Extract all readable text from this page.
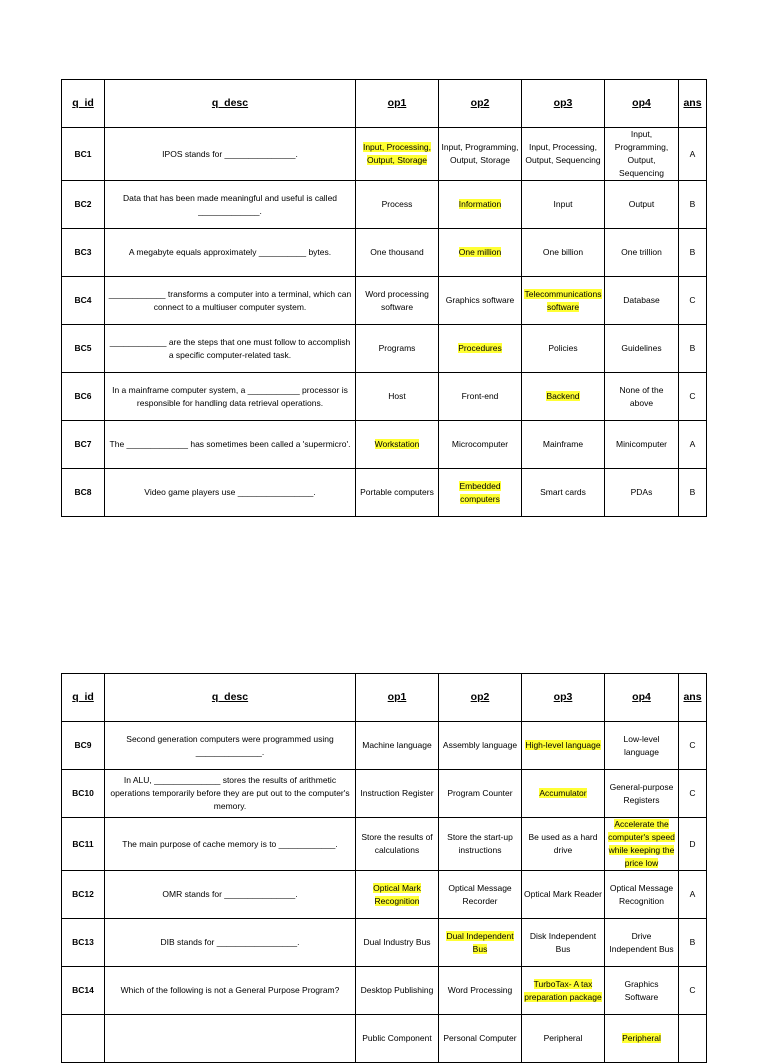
q_id	q_desc	op1	op2	op3	op4	ans
BC1	IPOS stands for _______________.	Input, Processing, Output, Storage	Input, Programming, Output, Storage	Input, Processing, Output, Sequencing	Input, Programming, Output, Sequencing	A
BC2	Data that has been made meaningful and useful is called _____________.	Process	Information	Input	Output	B
BC3	A megabyte equals approximately __________ bytes.	One thousand	One million	One billion	One trillion	B
BC4	____________ transforms a computer into a terminal, which can connect to a multiuser computer system.	Word processing software	Graphics software	Telecommunications software	Database	C
BC5	____________ are the steps that one must follow to accomplish a specific computer-related task.	Programs	Procedures	Policies	Guidelines	B
BC6	In a mainframe computer system, a ___________ processor is responsible for handling data retrieval operations.	Host	Front-end	Backend	None of the above	C
BC7	The _____________ has sometimes been called a 'supermicro'.	Workstation	Microcomputer	Mainframe	Minicomputer	A
BC8	Video game players use ________________.	Portable computers	Embedded computers	Smart cards	PDAs	B
q_id	q_desc	op1	op2	op3	op4	ans
BC9	Second generation computers were programmed using ______________.	Machine language	Assembly language	High-level language	Low-level language	C
BC10	In ALU, ______________ stores the results of arithmetic operations temporarily before they are put out to the computer's memory.	Instruction Register	Program Counter	Accumulator	General-purpose Registers	C
BC11	The main purpose of cache memory is to ____________.	Store the results of calculations	Store the start-up instructions	Be used as a hard drive	Accelerate the computer's speed while keeping the price low	D
BC12	OMR stands for _______________.	Optical Mark Recognition	Optical Message Recorder	Optical Mark Reader	Optical Message Recognition	A
BC13	DIB stands for _________________.	Dual Industry Bus	Dual Independent Bus	Disk Independent Bus	Drive Independent Bus	B
BC14	Which of the following is not a General Purpose Program?	Desktop Publishing	Word Processing	TurboTax- A tax preparation package	Graphics Software	C
		Public Component	Personal Computer	Peripheral	Peripheral	
